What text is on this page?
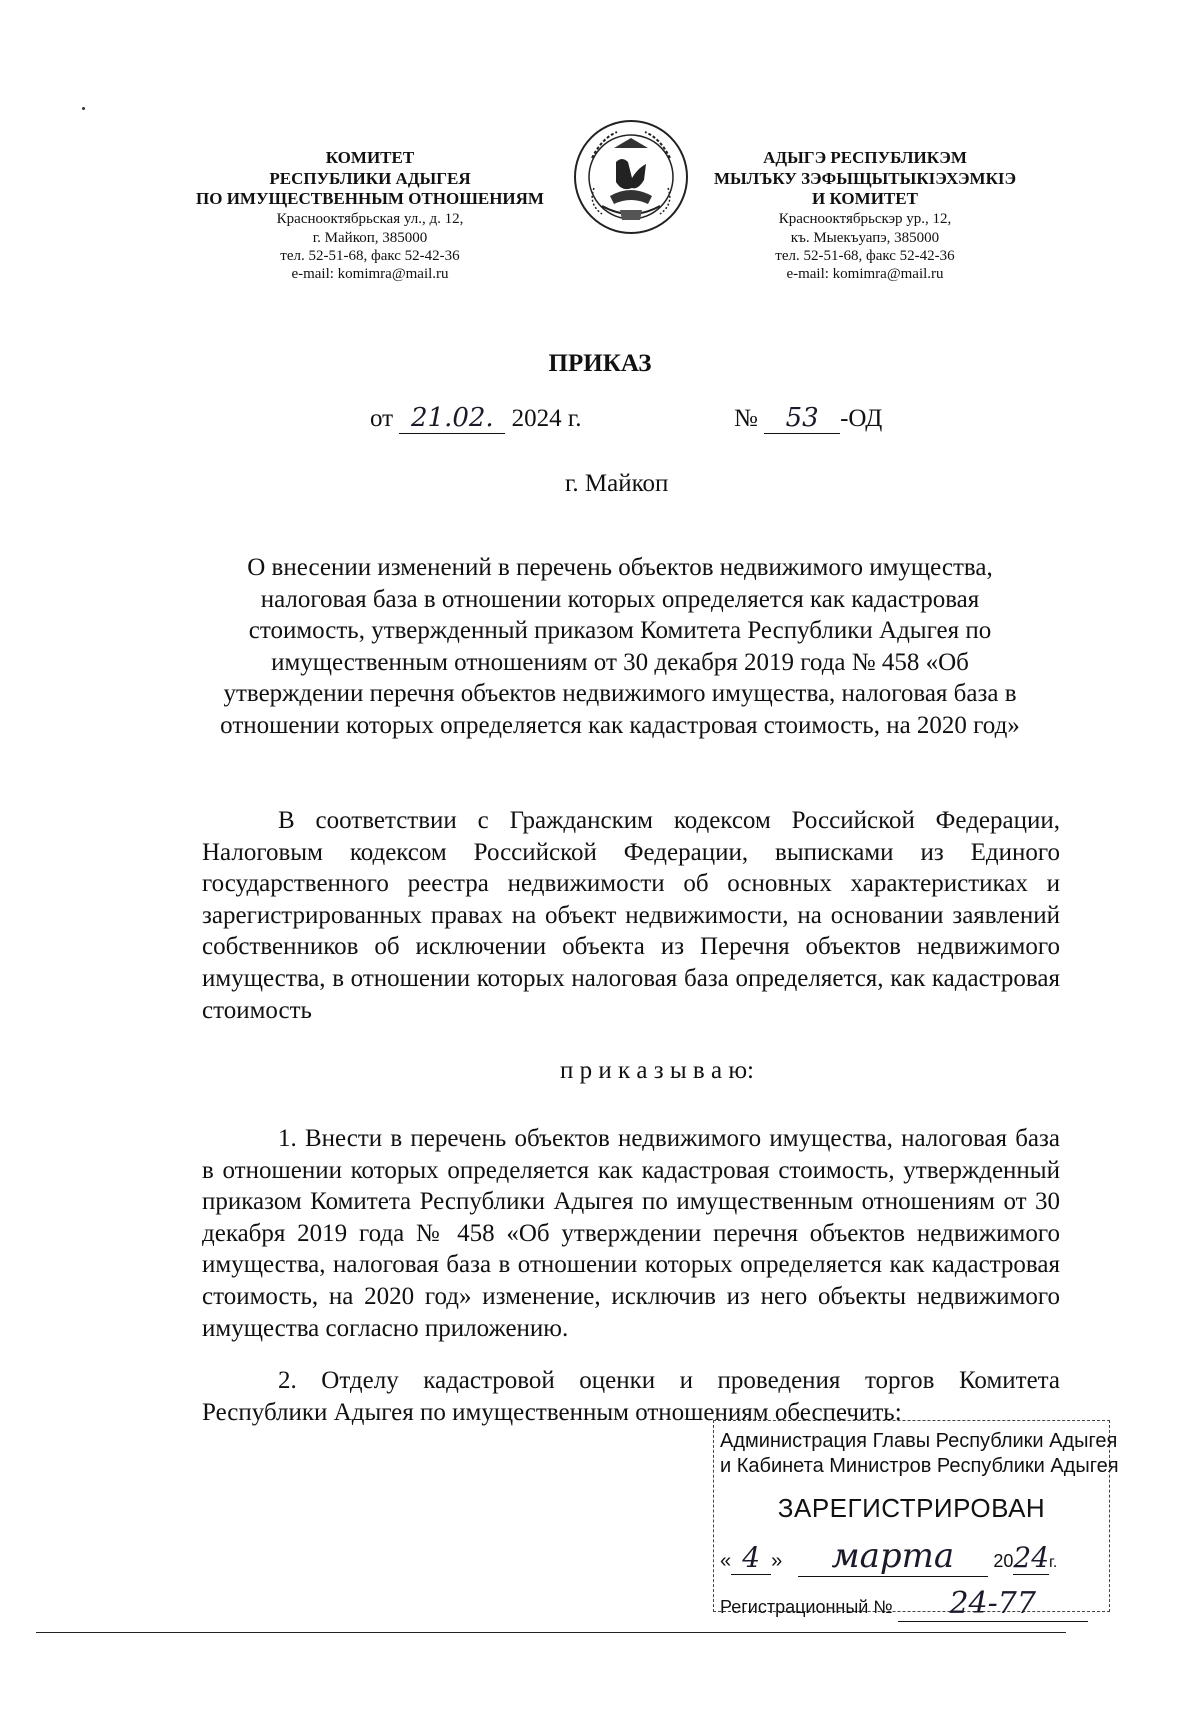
КОМИТЕТ
РЕСПУБЛИКИ АДЫГЕЯ
ПО ИМУЩЕСТВЕННЫМ ОТНОШЕНИЯМ
Краснооктябрьская ул., д. 12,
г. Майкоп, 385000
тел. 52-51-68, факс 52-42-36
e-mail: komimra@mail.ru
АДЫГЭ РЕСПУБЛИКЭМ
МЫЛЪКУ ЗЭФЫЩЫТЫКІЭХЭМКІЭ
И КОМИТЕТ
Краснооктябрьскэр ур., 12,
къ. Мыекъуапэ, 385000
тел. 52-51-68, факс 52-42-36
e-mail: komimra@mail.ru
ПРИКАЗ
от 21.02. 2024 г.	№ 53 -ОД
г. Майкоп
О внесении изменений в перечень объектов недвижимого имущества,
налоговая база в отношении которых определяется как кадастровая
стоимость, утвержденный приказом Комитета Республики Адыгея по
имущественным отношениям от 30 декабря 2019 года № 458 «Об
утверждении перечня объектов недвижимого имущества, налоговая база в
отношении которых определяется как кадастровая стоимость, на 2020 год»

В соответствии с Гражданским кодексом Российской Федерации, Налоговым кодексом Российской Федерации, выписками из Единого государственного реестра недвижимости об основных характеристиках и зарегистрированных правах на объект недвижимости, на основании заявлений собственников об исключении объекта из Перечня объектов недвижимого имущества, в отношении которых налоговая база определяется, как кадастровая стоимость

п р и к а з ы в а ю:

1. Внести в перечень объектов недвижимого имущества, налоговая база в отношении которых определяется как кадастровая стоимость, утвержденный приказом Комитета Республики Адыгея по имущественным отношениям от 30 декабря 2019 года № 458 «Об утверждении перечня объектов недвижимого имущества, налоговая база в отношении которых определяется как кадастровая стоимость, на 2020 год» изменение, исключив из него объекты недвижимого имущества согласно приложению.

2. Отделу кадастровой оценки и проведения торгов Комитета Республики Адыгея по имущественным отношениям обеспечить:

Администрация Главы Республики Адыгея
и Кабинета Министров Республики Адыгея
ЗАРЕГИСТРИРОВАН
« 4 » марта 2024г.
Регистрационный № 24-77
